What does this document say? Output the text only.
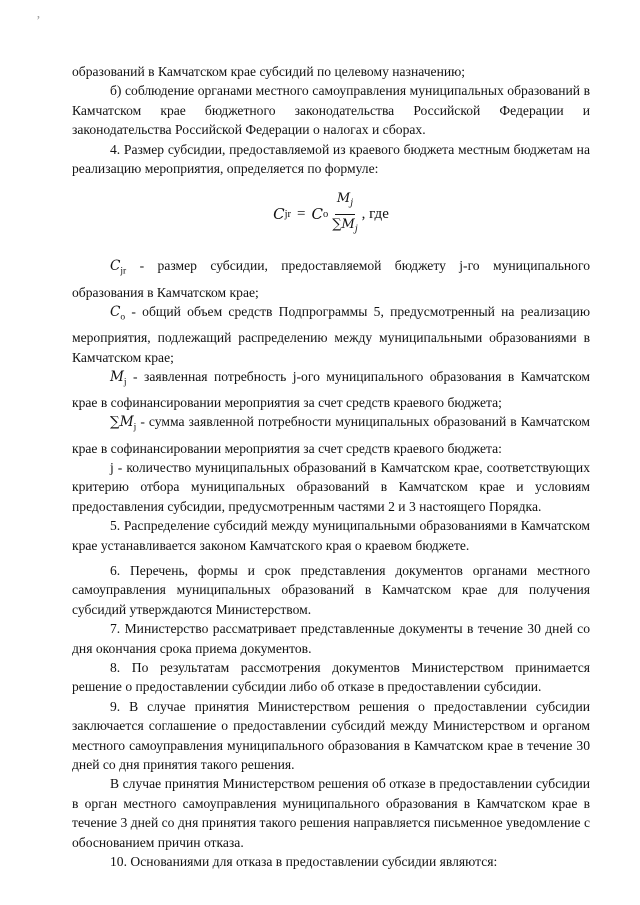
ʼ

образований в Камчатском крае субсидий по целевому назначению;

б) соблюдение органами местного самоуправления муниципальных образований в Камчатском крае бюджетного законодательства Российской Федерации и законодательства Российской Федерации о налогах и сборах.

4. Размер субсидии, предоставляемой из краевого бюджета местным бюджетам на реализацию мероприятия, определяется по формуле:

C jr = C o $\frac{M_j}{\sum M_j}$ , где

$C_{jr}$ - размер субсидии, предоставляемой бюджету j-го муниципального образования в Камчатском крае;

$C_o$ - общий объем средств Подпрограммы 5, предусмотренный на реализацию мероприятия, подлежащий распределению между муниципальными образованиями в Камчатском крае;

$M_j$ - заявленная потребность j-ого муниципального образования в Камчатском крае в софинансировании мероприятия за счет средств краевого бюджета;

$\sum M_j$ - сумма заявленной потребности муниципальных образований в Камчатском крае в софинансировании мероприятия за счет средств краевого бюджета:

j - количество муниципальных образований в Камчатском крае, соответствующих критерию отбора муниципальных образований в Камчатском крае и условиям предоставления субсидии, предусмотренным частями 2 и 3 настоящего Порядка.

5. Распределение субсидий между муниципальными образованиями в Камчатском крае устанавливается законом Камчатского края о краевом бюджете.

6. Перечень, формы и срок представления документов органами местного самоуправления муниципальных образований в Камчатском крае для получения субсидий утверждаются Министерством.

7. Министерство рассматривает представленные документы в течение 30 дней со дня окончания срока приема документов.

8. По результатам рассмотрения документов Министерством принимается решение о предоставлении субсидии либо об отказе в предоставлении субсидии.

9. В случае принятия Министерством решения о предоставлении субсидии заключается соглашение о предоставлении субсидий между Министерством и органом местного самоуправления муниципального образования в Камчатском крае в течение 30 дней со дня принятия такого решения.

В случае принятия Министерством решения об отказе в предоставлении субсидии в орган местного самоуправления муниципального образования в Камчатском крае в течение 3 дней со дня принятия такого решения направляется письменное уведомление с обоснованием причин отказа.

10. Основаниями для отказа в предоставлении субсидии являются:
